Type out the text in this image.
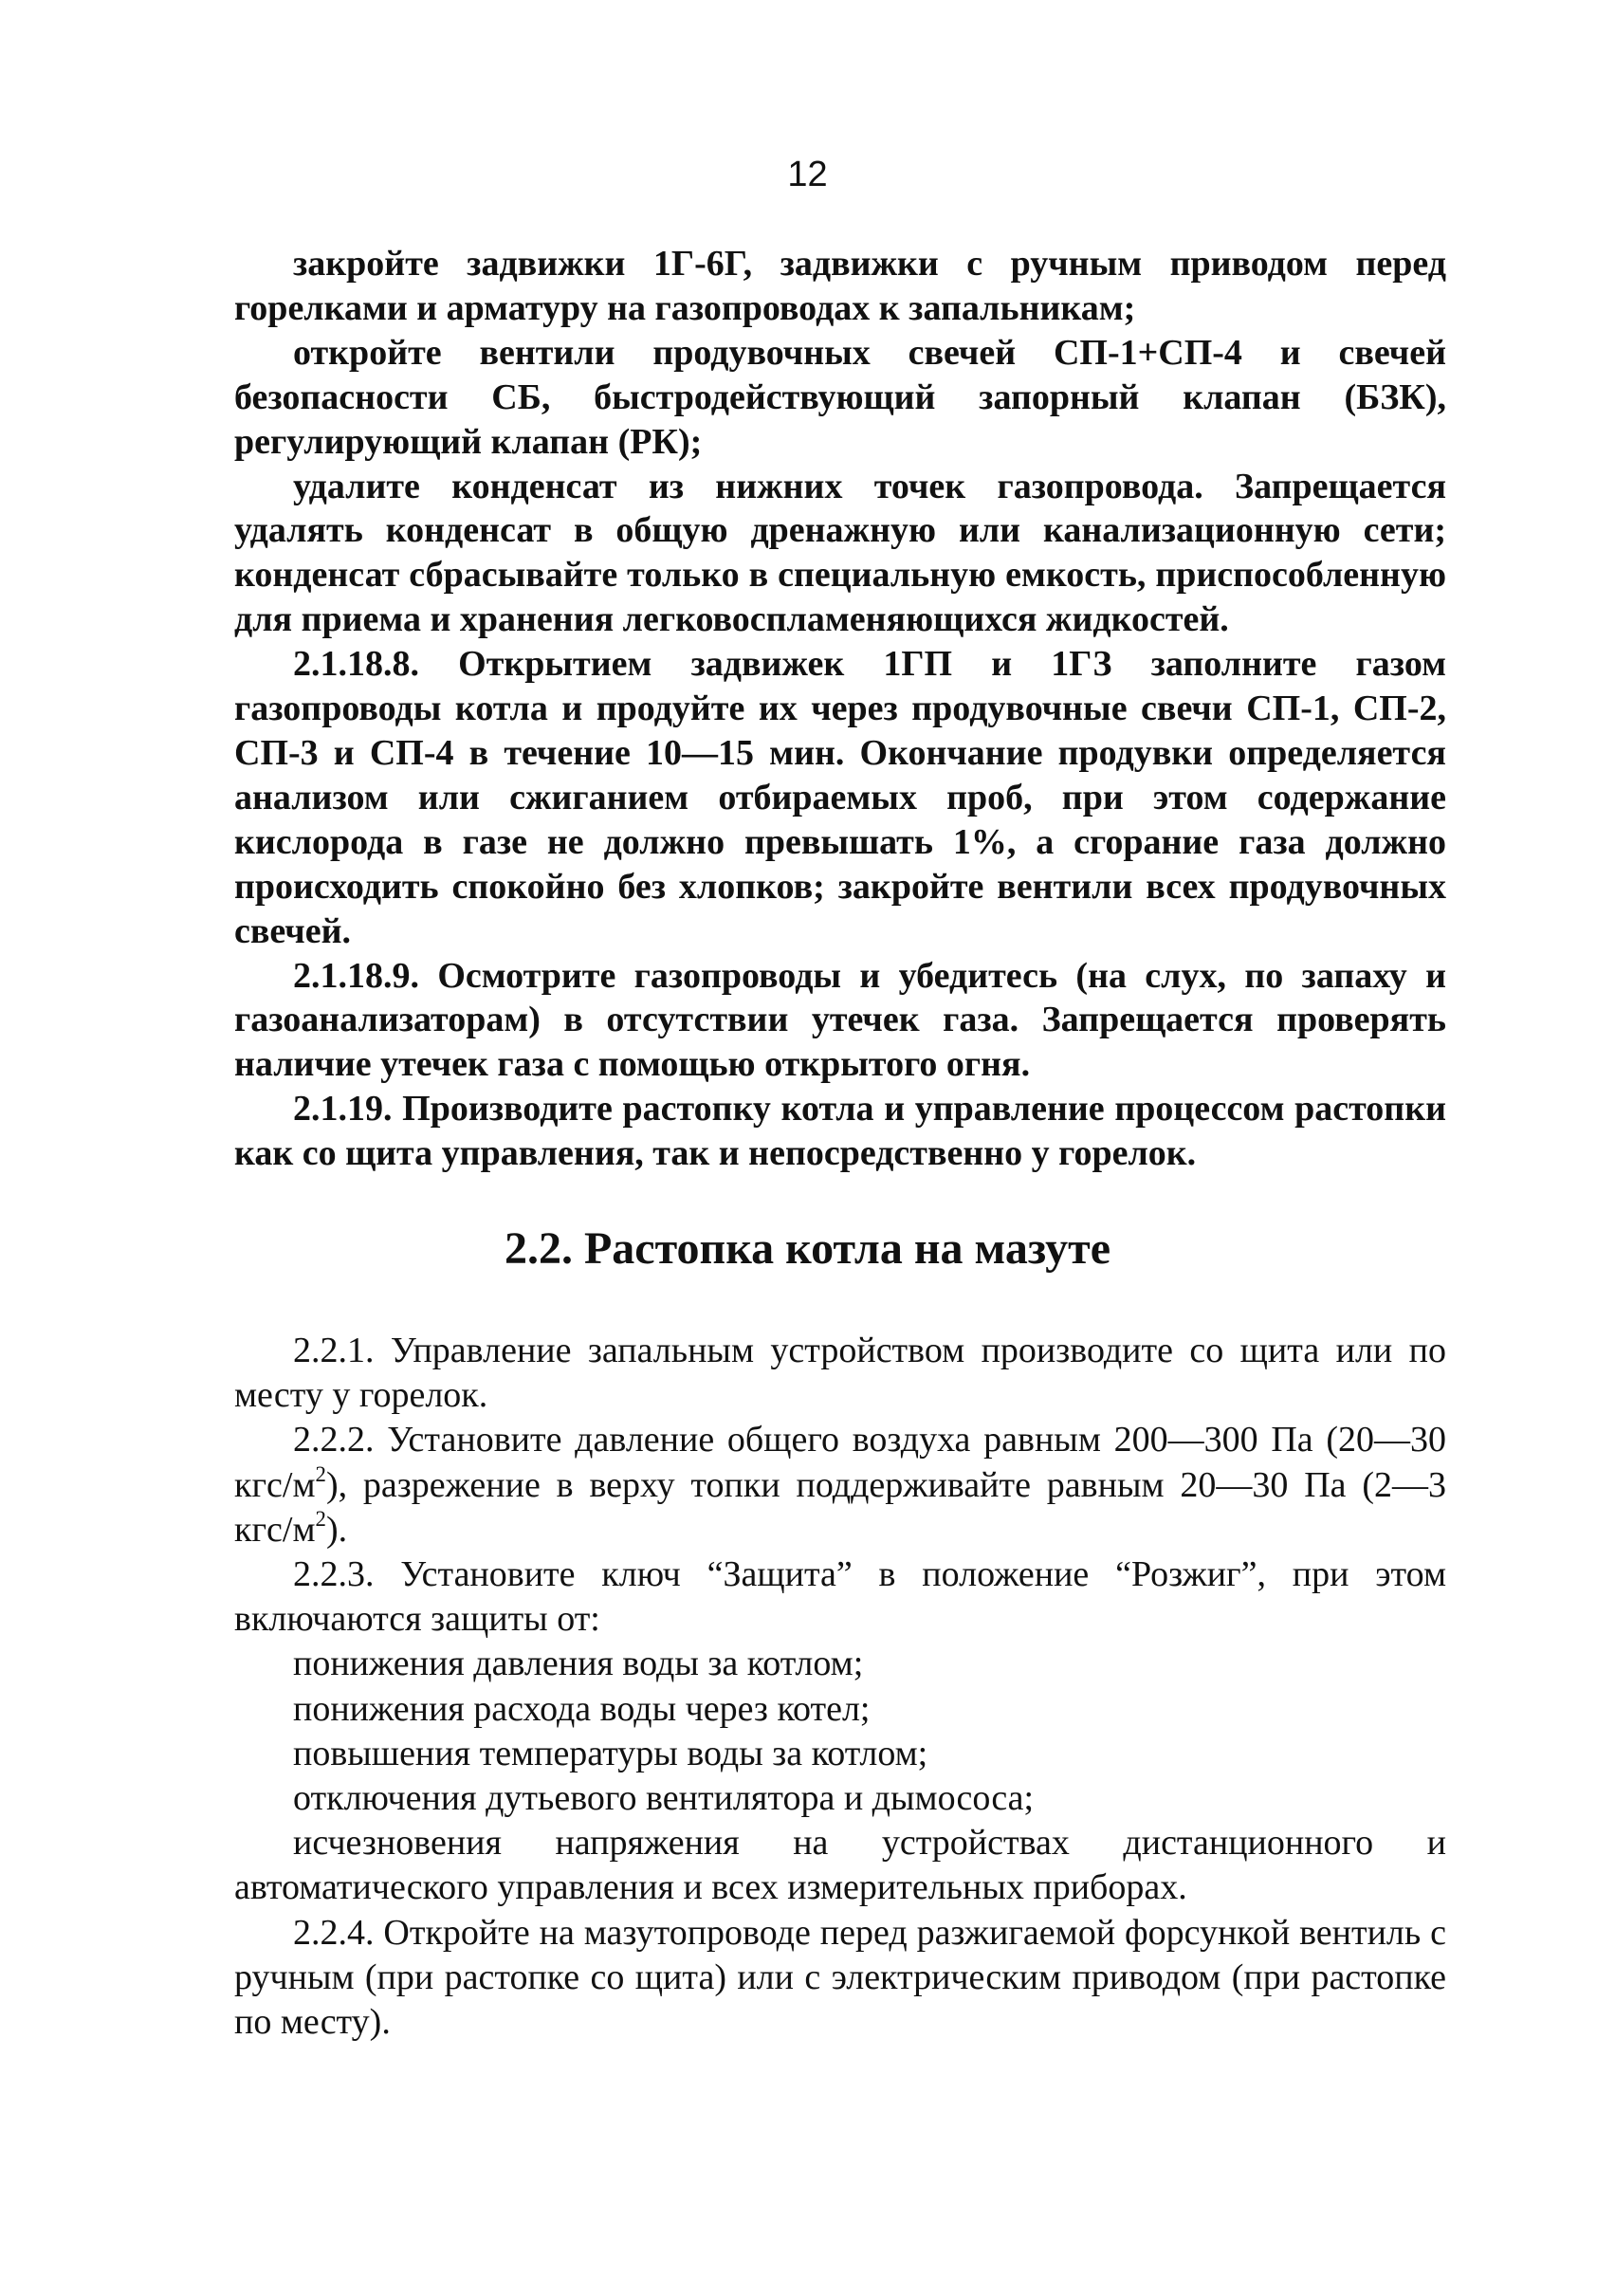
12

закройте задвижки 1Г-6Г, задвижки с ручным приводом перед горелками и арматуру на газопроводах к запальникам;

откройте вентили продувочных свечей СП-1+СП-4 и свечей безопасности СБ, быстродействующий запорный клапан (БЗК), регулирующий клапан (РК);

удалите конденсат из нижних точек газопровода. Запрещается удалять конденсат в общую дренажную или канализационную сети; конденсат сбрасывайте только в специальную емкость, приспособленную для приема и хранения легковоспламеняющихся жидкостей.

2.1.18.8. Открытием задвижек 1ГП и 1ГЗ заполните газом газопроводы котла и продуйте их через продувочные свечи СП-1, СП-2, СП-3 и СП-4 в течение 10—15 мин. Окончание продувки определяется анализом или сжиганием отбираемых проб, при этом содержание кислорода в газе не должно превышать 1%, а сгорание газа должно происходить спокойно без хлопков; закройте вентили всех продувочных свечей.

2.1.18.9. Осмотрите газопроводы и убедитесь (на слух, по запаху и газоанализаторам) в отсутствии утечек газа. Запрещается проверять наличие утечек газа с помощью открытого огня.

2.1.19. Производите растопку котла и управление процессом растопки как со щита управления, так и непосредственно у горелок.

2.2. Растопка котла на мазуте

2.2.1. Управление запальным устройством производите со щита или по месту у горелок.

2.2.2. Установите давление общего воздуха равным 200—300 Па (20—30 кгс/$м^2$), разрежение в верху топки поддерживайте равным 20—30 Па (2—3 кгс/$м^2$).

2.2.3. Установите ключ “Защита” в положение “Розжиг”, при этом включаются защиты от:

понижения давления воды за котлом;

понижения расхода воды через котел;

повышения температуры воды за котлом;

отключения дутьевого вентилятора и дымососа;

исчезновения напряжения на устройствах дистанционного и автоматического управления и всех измерительных приборах.

2.2.4. Откройте на мазутопроводе перед разжигаемой форсункой вентиль с ручным (при растопке со щита) или с электрическим приводом (при растопке по месту).
